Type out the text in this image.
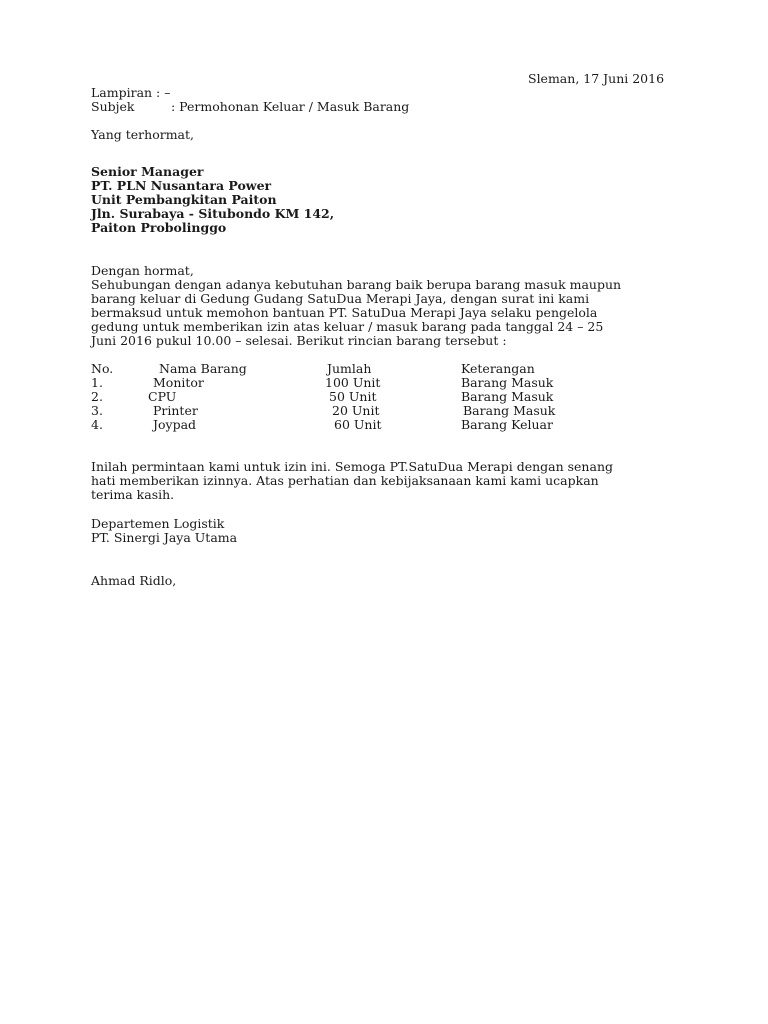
Sleman, 17 Juni 2016
Lampiran : –
Subjek	: Permohonan Keluar / Masuk Barang
Yang terhormat,
Senior Manager
PT. PLN Nusantara Power
Unit Pembangkitan Paiton
Jln. Surabaya - Situbondo KM 142,
Paiton Probolinggo
Dengan hormat,
Sehubungan dengan adanya kebutuhan barang baik berupa barang masuk maupun
barang keluar di Gedung Gudang SatuDua Merapi Jaya, dengan surat ini kami
bermaksud untuk memohon bantuan PT. SatuDua Merapi Jaya selaku pengelola
gedung untuk memberikan izin atas keluar / masuk barang pada tanggal 24 – 25
Juni 2016 pukul 10.00 – selesai. Berikut rincian barang tersebut :
No.	Nama Barang	Jumlah	Keterangan
1.	Monitor	100 Unit	Barang Masuk
2.	CPU	50 Unit	Barang Masuk
3.	Printer	20 Unit	Barang Masuk
4.	Joypad	60 Unit	Barang Keluar
Inilah permintaan kami untuk izin ini. Semoga PT.SatuDua Merapi dengan senang
hati memberikan izinnya. Atas perhatian dan kebijaksanaan kami kami ucapkan
terima kasih.
Departemen Logistik
PT. Sinergi Jaya Utama
Ahmad Ridlo,
